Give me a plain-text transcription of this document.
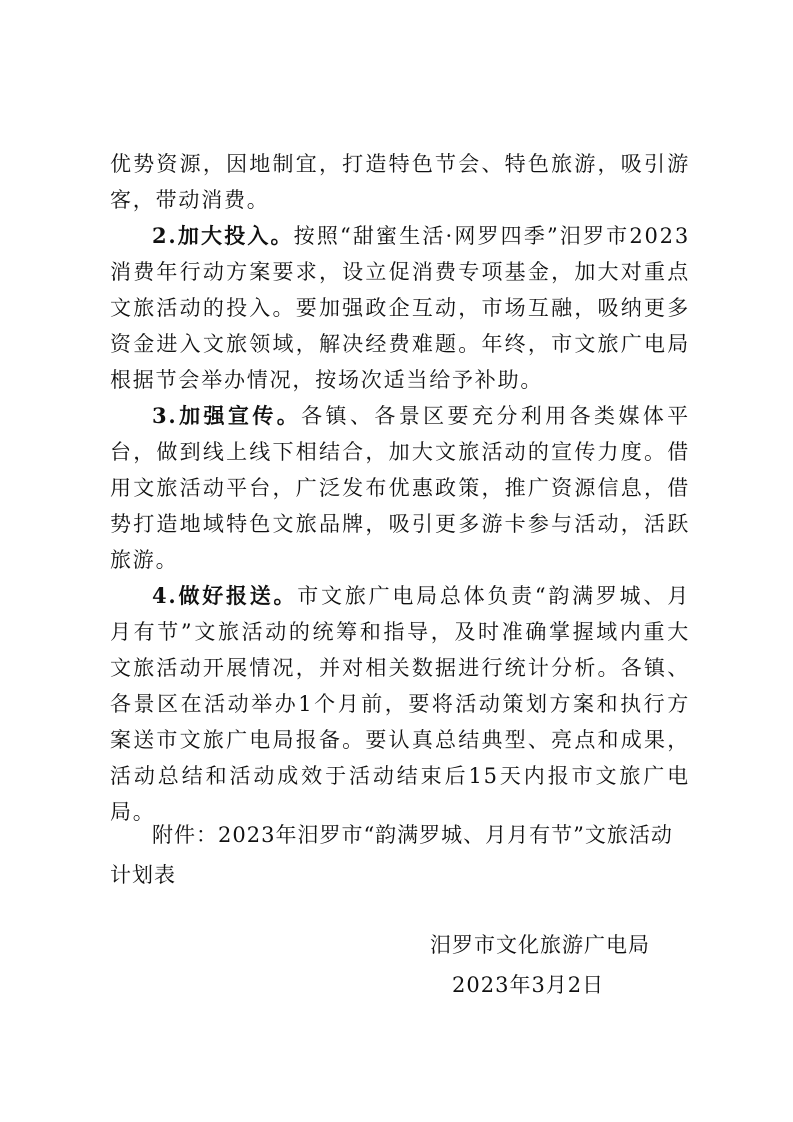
优势资源，因地制宜，打造特色节会、特色旅游，吸引游客，带动消费。

2.加大投入。按照“甜蜜生活·网罗四季”汨罗市2023消费年行动方案要求，设立促消费专项基金，加大对重点文旅活动的投入。要加强政企互动，市场互融，吸纳更多资金进入文旅领域，解决经费难题。年终，市文旅广电局根据节会举办情况，按场次适当给予补助。

3.加强宣传。各镇、各景区要充分利用各类媒体平台，做到线上线下相结合，加大文旅活动的宣传力度。借用文旅活动平台，广泛发布优惠政策，推广资源信息，借势打造地域特色文旅品牌，吸引更多游卡参与活动，活跃旅游。

4.做好报送。市文旅广电局总体负责“韵满罗城、月月有节”文旅活动的统筹和指导，及时准确掌握域内重大文旅活动开展情况，并对相关数据进行统计分析。各镇、各景区在活动举办1个月前，要将活动策划方案和执行方案送市文旅广电局报备。要认真总结典型、亮点和成果，活动总结和活动成效于活动结束后15天内报市文旅广电局。

附件：2023年汨罗市“韵满罗城、月月有节”文旅活动计划表

汨罗市文化旅游广电局
2023年3月2日
